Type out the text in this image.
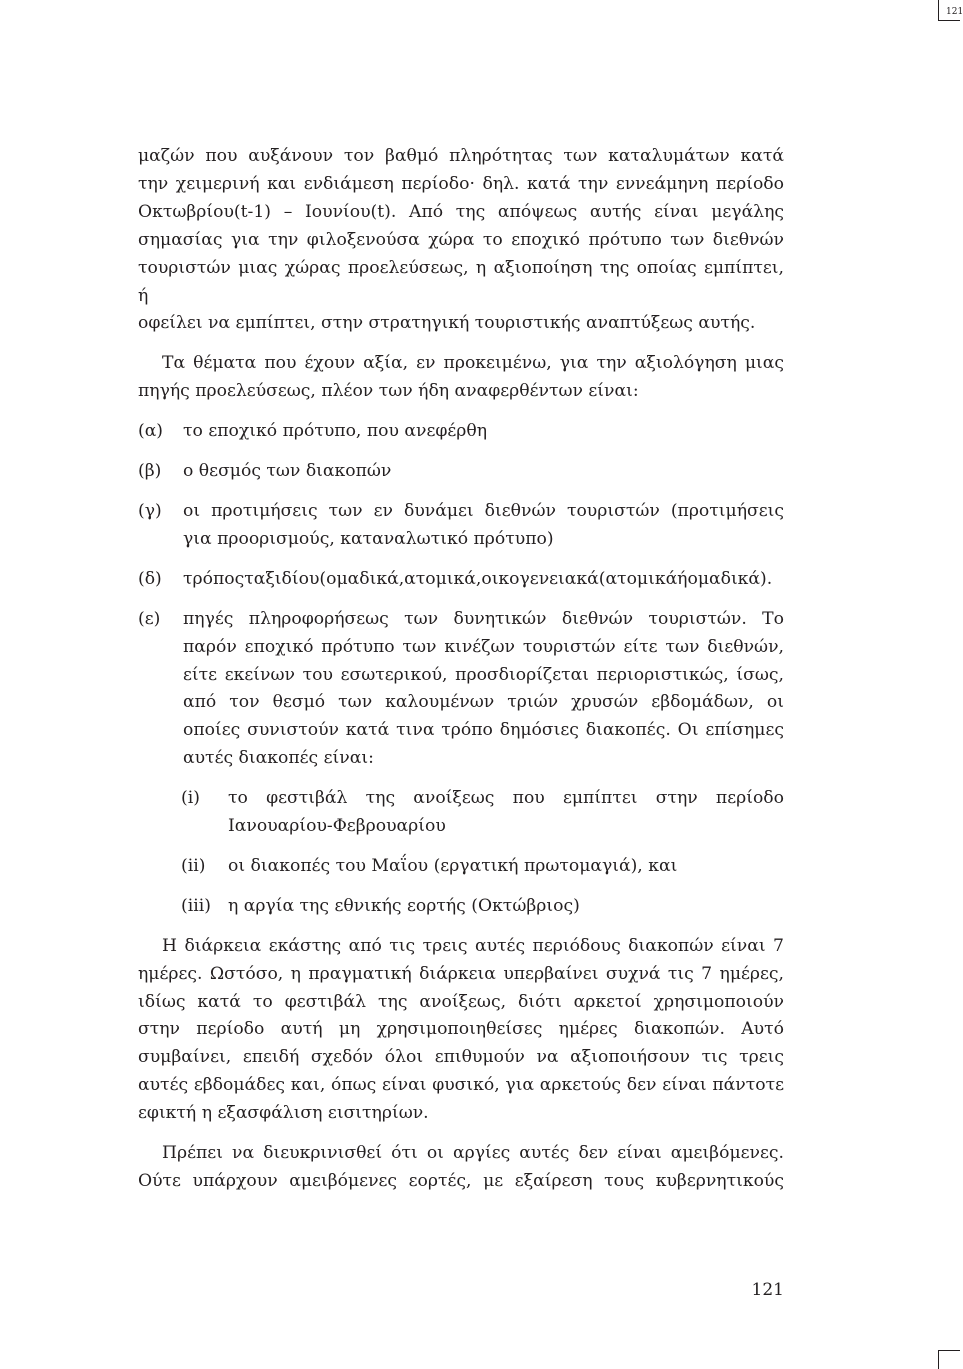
121

μαζών που αυξάνουν τον βαθμό πληρότητας των καταλυμάτων κατά

την χειμερινή και ενδιάμεση περίοδο· δηλ. κατά την εννεάμηνη περίοδο

Οκτωβρίου(t-1) – Ιουνίου(t). Από της απόψεως αυτής είναι μεγάλης

σημασίας για την φιλοξενούσα χώρα το εποχικό πρότυπο των διεθνών

τουριστών μιας χώρας προελεύσεως, η αξιοποίηση της οποίας εμπίπτει, ή

οφείλει να εμπίπτει, στην στρατηγική τουριστικής αναπτύξεως αυτής.

Τα θέματα που έχουν αξία, εν προκειμένω, για την αξιολόγηση μιας

πηγής προελεύσεως, πλέον των ήδη αναφερθέντων είναι:

(α)	το εποχικό πρότυπο, που ανεφέρθη

(β)	ο θεσμός των διακοπών

(γ)	οι προτιμήσεις των εν δυνάμει διεθνών τουριστών (προτιμήσεις

για προορισμούς, καταναλωτικό πρότυπο)

(δ)	τρόποςταξιδίου(ομαδικά,ατομικά,οικογενειακά(ατομικάήομαδικά).

(ε)	πηγές πληροφορήσεως των δυνητικών διεθνών τουριστών. Το

παρόν εποχικό πρότυπο των κινέζων τουριστών είτε των διεθνών,

είτε εκείνων του εσωτερικού, προσδιορίζεται περιοριστικώς, ίσως,

από τον θεσμό των καλουμένων τριών χρυσών εβδομάδων, οι

οποίες συνιστούν κατά τινα τρόπο δημόσιες διακοπές. Οι επίσημες

αυτές διακοπές είναι:

(i)	το φεστιβάλ της ανοίξεως που εμπίπτει στην περίοδο

Ιανουαρίου-Φεβρουαρίου

(ii)	οι διακοπές του Μαΐου (εργατική πρωτομαγιά), και

(iii) η αργία της εθνικής εορτής (Οκτώβριος)

Η διάρκεια εκάστης από τις τρεις αυτές περιόδους διακοπών είναι 7

ημέρες. Ωστόσο, η πραγματική διάρκεια υπερβαίνει συχνά τις 7 ημέρες,

ιδίως κατά το φεστιβάλ της ανοίξεως, διότι αρκετοί χρησιμοποιούν

στην περίοδο αυτή μη χρησιμοποιηθείσες ημέρες διακοπών. Αυτό

συμβαίνει, επειδή σχεδόν όλοι επιθυμούν να αξιοποιήσουν τις τρεις

αυτές εβδομάδες και, όπως είναι φυσικό, για αρκετούς δεν είναι πάντοτε

εφικτή η εξασφάλιση εισιτηρίων.

Πρέπει να διευκρινισθεί ότι οι αργίες αυτές δεν είναι αμειβόμενες.

Ούτε υπάρχουν αμειβόμενες εορτές, με εξαίρεση τους κυβερνητικούς

121
